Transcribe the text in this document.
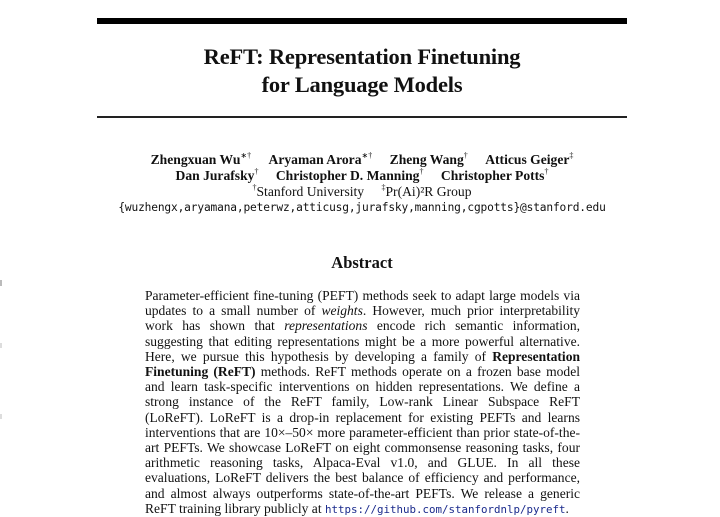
ReFT: Representation Finetuning
for Language Models
Zhengxuan Wu∗† Aryaman Arora∗† Zheng Wang† Atticus Geiger‡
Dan Jurafsky† Christopher D. Manning† Christopher Potts†
†Stanford University ‡Pr(Ai)²R Group
{wuzhengx,aryamana,peterwz,atticusg,jurafsky,manning,cgpotts}@stanford.edu
Abstract
Parameter-efficient fine-tuning (PEFT) methods seek to adapt large models via updates to a small number of weights. However, much prior interpretability work has shown that representations encode rich semantic information, suggesting that editing representations might be a more powerful alternative. Here, we pursue this hypothesis by developing a family of Representation Finetuning (ReFT) methods. ReFT methods operate on a frozen base model and learn task-specific interventions on hidden representations. We define a strong instance of the ReFT family, Low-rank Linear Subspace ReFT (LoReFT). LoReFT is a drop-in replacement for existing PEFTs and learns interventions that are 10×–50× more parameter-efficient than prior state-of-the-art PEFTs. We showcase LoReFT on eight commonsense reasoning tasks, four arithmetic reasoning tasks, Alpaca-Eval v1.0, and GLUE. In all these evaluations, LoReFT delivers the best balance of efficiency and performance, and almost always outperforms state-of-the-art PEFTs. We release a generic ReFT training library publicly at https://github.com/stanfordnlp/pyreft.
